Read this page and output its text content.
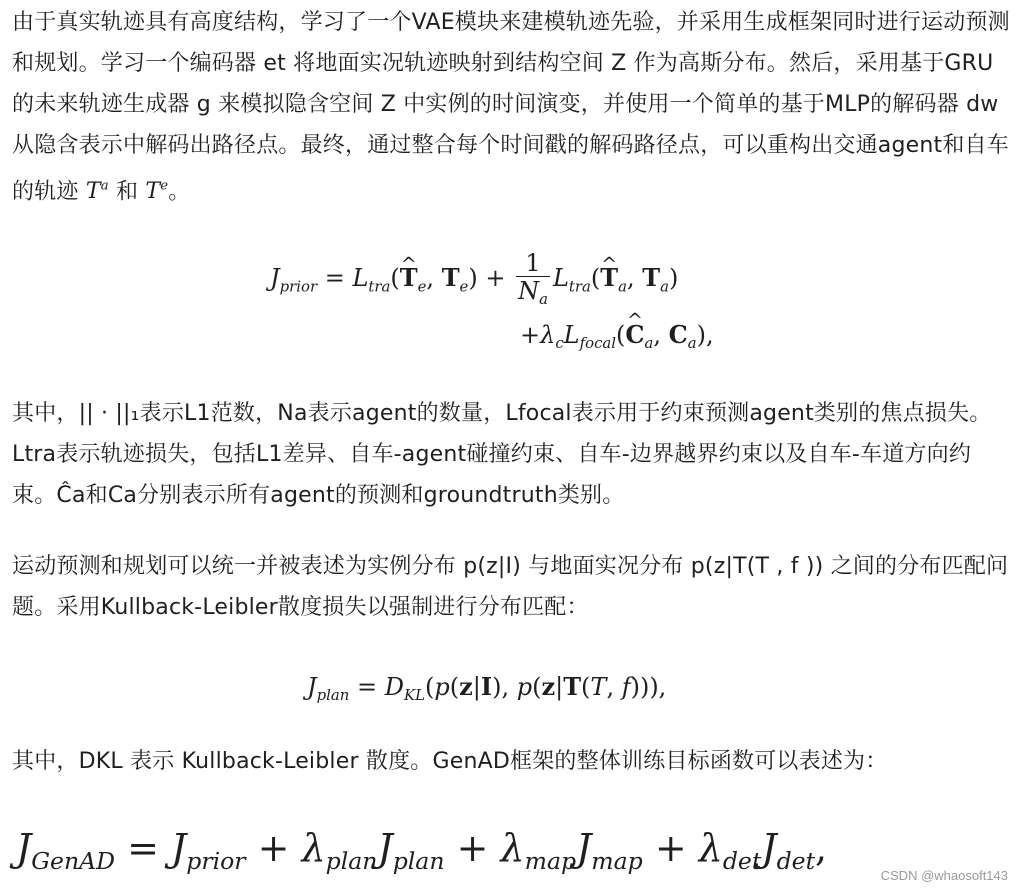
由于真实轨迹具有高度结构，学习了一个VAE模块来建模轨迹先验，并采用生成框架同时进行运动预测和规划。学习一个编码器 et 将地面实况轨迹映射到结构空间 Z 作为高斯分布。然后，采用基于GRU的未来轨迹生成器 g 来模拟隐含空间 Z 中实例的时间演变，并使用一个简单的基于MLP的解码器 dw 从隐含表示中解码出路径点。最终，通过整合每个时间戳的解码路径点，可以重构出交通agent和自车的轨迹 $T^a$ 和 $T^e$。

$J_{prior}$ = $L_{tra}(\^{}$ $T_e$, $T_e) + \frac{1}{N_a}$ $L_{tra}(\^{}$ $T_a$, $T_a$)
$+\lambda_cL_{focal}(\^{}$ $C_a$, $C_a$),

其中，|| · ||₁表示L1范数，Na表示agent的数量，Lfocal表示用于约束预测agent类别的焦点损失。Ltra表示轨迹损失，包括L1差异、自车-agent碰撞约束、自车-边界越界约束以及自车-车道方向约束。Ĉa和Ca分别表示所有agent的预测和groundtruth类别。

运动预测和规划可以统一并被表述为实例分布 p(z|I) 与地面实况分布 p(z|T(T , f )) 之间的分布匹配问题。采用Kullback-Leibler散度损失以强制进行分布匹配：

$J_{plan} = D_{KL}(p(z|I)$, p(z|T(T, f))),

其中，DKL 表示 Kullback-Leibler 散度。GenAD框架的整体训练目标函数可以表述为：

$J_{GenAD} = J_{prior} + \lambda_{plan}J_{plan} + \lambda_{map}J_{map} + \lambda_{det}J_{det}$,
CSDN @whaosoft143
